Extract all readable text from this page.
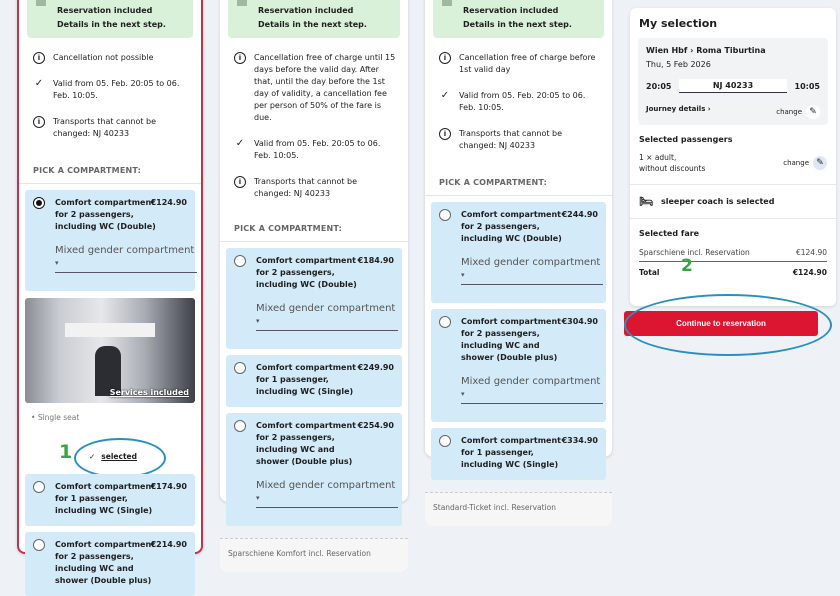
Reservation included
Details in the next step.
i	Cancellation not possible
✓ Valid from 05. Feb. 20:05 to 06. Feb. 10:05.
i	Transports that cannot be changed: NJ 40233
PICK A COMPARTMENT:
Comfort compartment for 2 passengers, including WC (Double)
€124.90
Mixed gender compartment ▾
Services included
• Single seat
1 ✓ selected
Comfort compartment for 1 passenger, including WC (Single)
€174.90
Comfort compartment for 2 passengers, including WC and shower (Double plus)
€214.90
Reservation included
Details in the next step.
i	Cancellation free of charge until 15 days before the valid day. After that, until the day before the 1st day of validity, a cancellation fee per person of 50% of the fare is due.
✓ Valid from 05. Feb. 20:05 to 06. Feb. 10:05.
i	Transports that cannot be changed: NJ 40233
PICK A COMPARTMENT:
Comfort compartment for 2 passengers, including WC (Double)
€184.90
Mixed gender compartment ▾
Comfort compartment for 1 passenger, including WC (Single)
€249.90
Comfort compartment for 2 passengers, including WC and shower (Double plus)
€254.90
Mixed gender compartment ▾
Sparschiene Komfort incl. Reservation
Reservation included
Details in the next step.
i	Cancellation free of charge before 1st valid day
✓ Valid from 05. Feb. 20:05 to 06. Feb. 10:05.
i	Transports that cannot be changed: NJ 40233
PICK A COMPARTMENT:
Comfort compartment for 2 passengers, including WC (Double)
€244.90
Mixed gender compartment ▾
Comfort compartment for 2 passengers, including WC and shower (Double plus)
€304.90
Mixed gender compartment ▾
Comfort compartment for 1 passenger, including WC (Single)
€334.90
Standard-Ticket incl. Reservation
My selection
Wien Hbf › Roma Tiburtina
Thu, 5 Feb 2026
20:05	NJ 40233	10:05
Journey details ›	change ✎
Selected passengers
1 × adult,
without discounts
change ✎
🛏 sleeper coach is selected
Selected fare
Sparschiene incl. Reservation	€124.90
Total 2	€124.90
Continue to reservation
